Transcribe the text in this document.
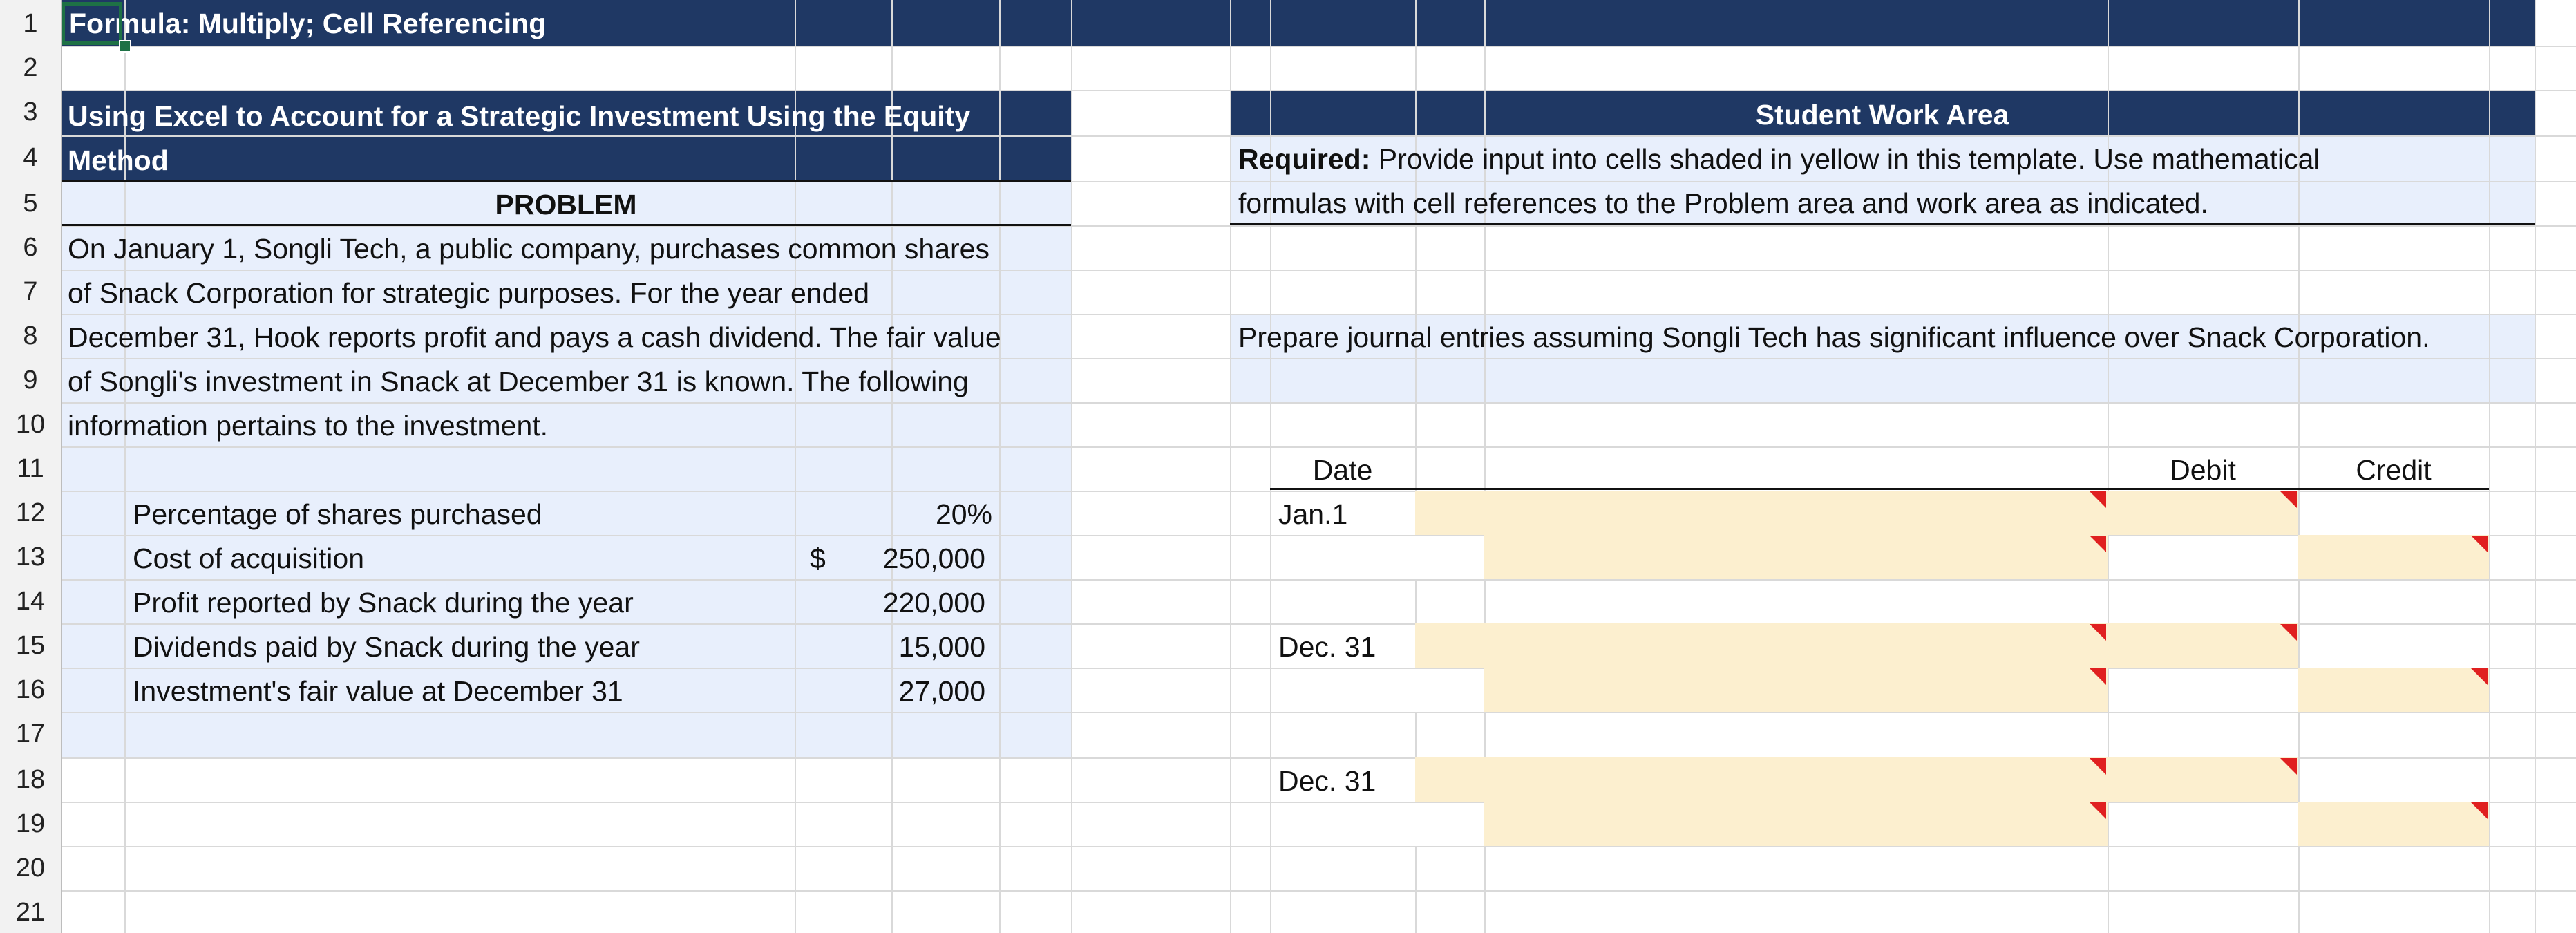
Formula: Multiply; Cell Referencing
Using Excel to Account for a Strategic Investment Using the Equity
Method
PROBLEM
On January 1, Songli Tech, a public company, purchases common shares
of Snack Corporation for strategic purposes. For the year ended
December 31, Hook reports profit and pays a cash dividend. The fair value
of Songli's investment in Snack at December 31 is known. The following
information pertains to the investment.
Percentage of shares purchased	20%
Cost of acquisition	$	250,000
Profit reported by Snack during the year	220,000
Dividends paid by Snack during the year	15,000
Investment's fair value at December 31	27,000
Student Work Area
Required: Provide input into cells shaded in yellow in this template. Use mathematical
formulas with cell references to the Problem area and work area as indicated.
Prepare journal entries assuming Songli Tech has significant influence over Snack Corporation.
Date	Debit	Credit
Jan.1
Dec. 31
Dec. 31
1
2
3
4
5
6
7
8
9
10
11
12
13
14
15
16
17
18
19
20
21
